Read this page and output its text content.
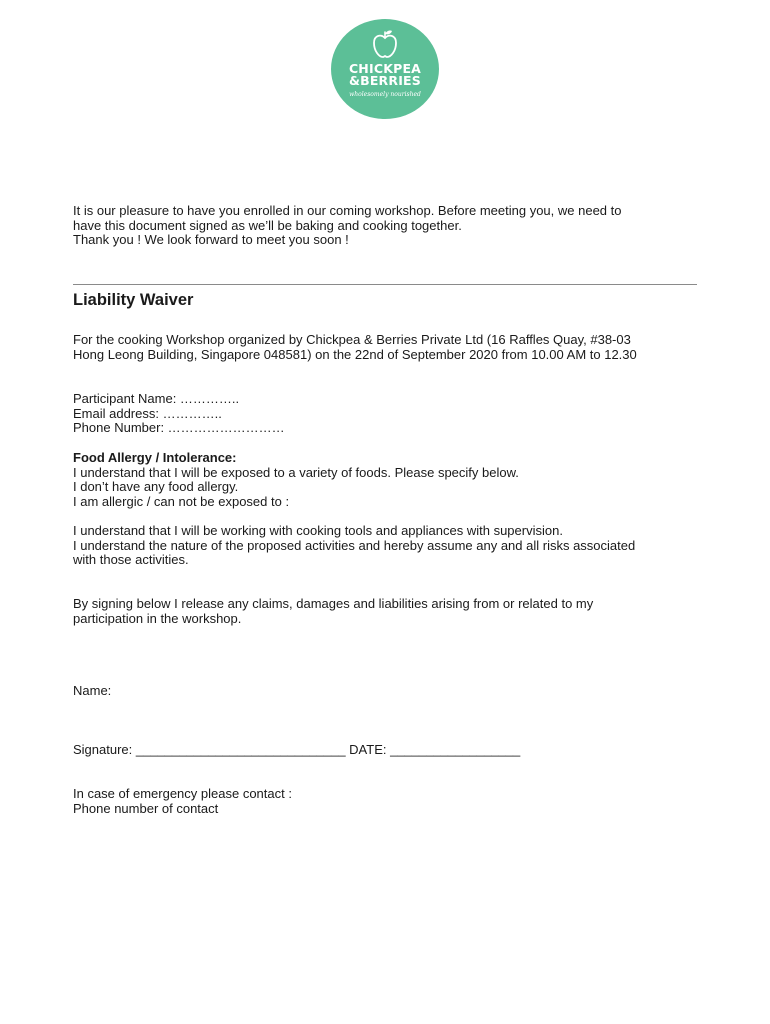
CHICKPEA
&BERRIES
wholesomely nourished
It is our pleasure to have you enrolled in our coming workshop. Before meeting you, we need to
have this document signed as we’ll be baking and cooking together.
Thank you ! We look forward to meet you soon !
Liability Waiver
For the cooking Workshop organized by Chickpea & Berries Private Ltd (16 Raffles Quay, #38-03
Hong Leong Building, Singapore 048581) on the 22nd of September 2020 from 10.00 AM to 12.30
Participant Name: …………..
Email address: …………..
Phone Number: ………………………
Food Allergy / Intolerance:
I understand that I will be exposed to a variety of foods. Please specify below.
I don’t have any food allergy.
I am allergic / can not be exposed to :
I understand that I will be working with cooking tools and appliances with supervision.
I understand the nature of the proposed activities and hereby assume any and all risks associated
with those activities.
By signing below I release any claims, damages and liabilities arising from or related to my
participation in the workshop.
Name:
Signature: _____________________________ DATE: __________________
In case of emergency please contact :
Phone number of contact
